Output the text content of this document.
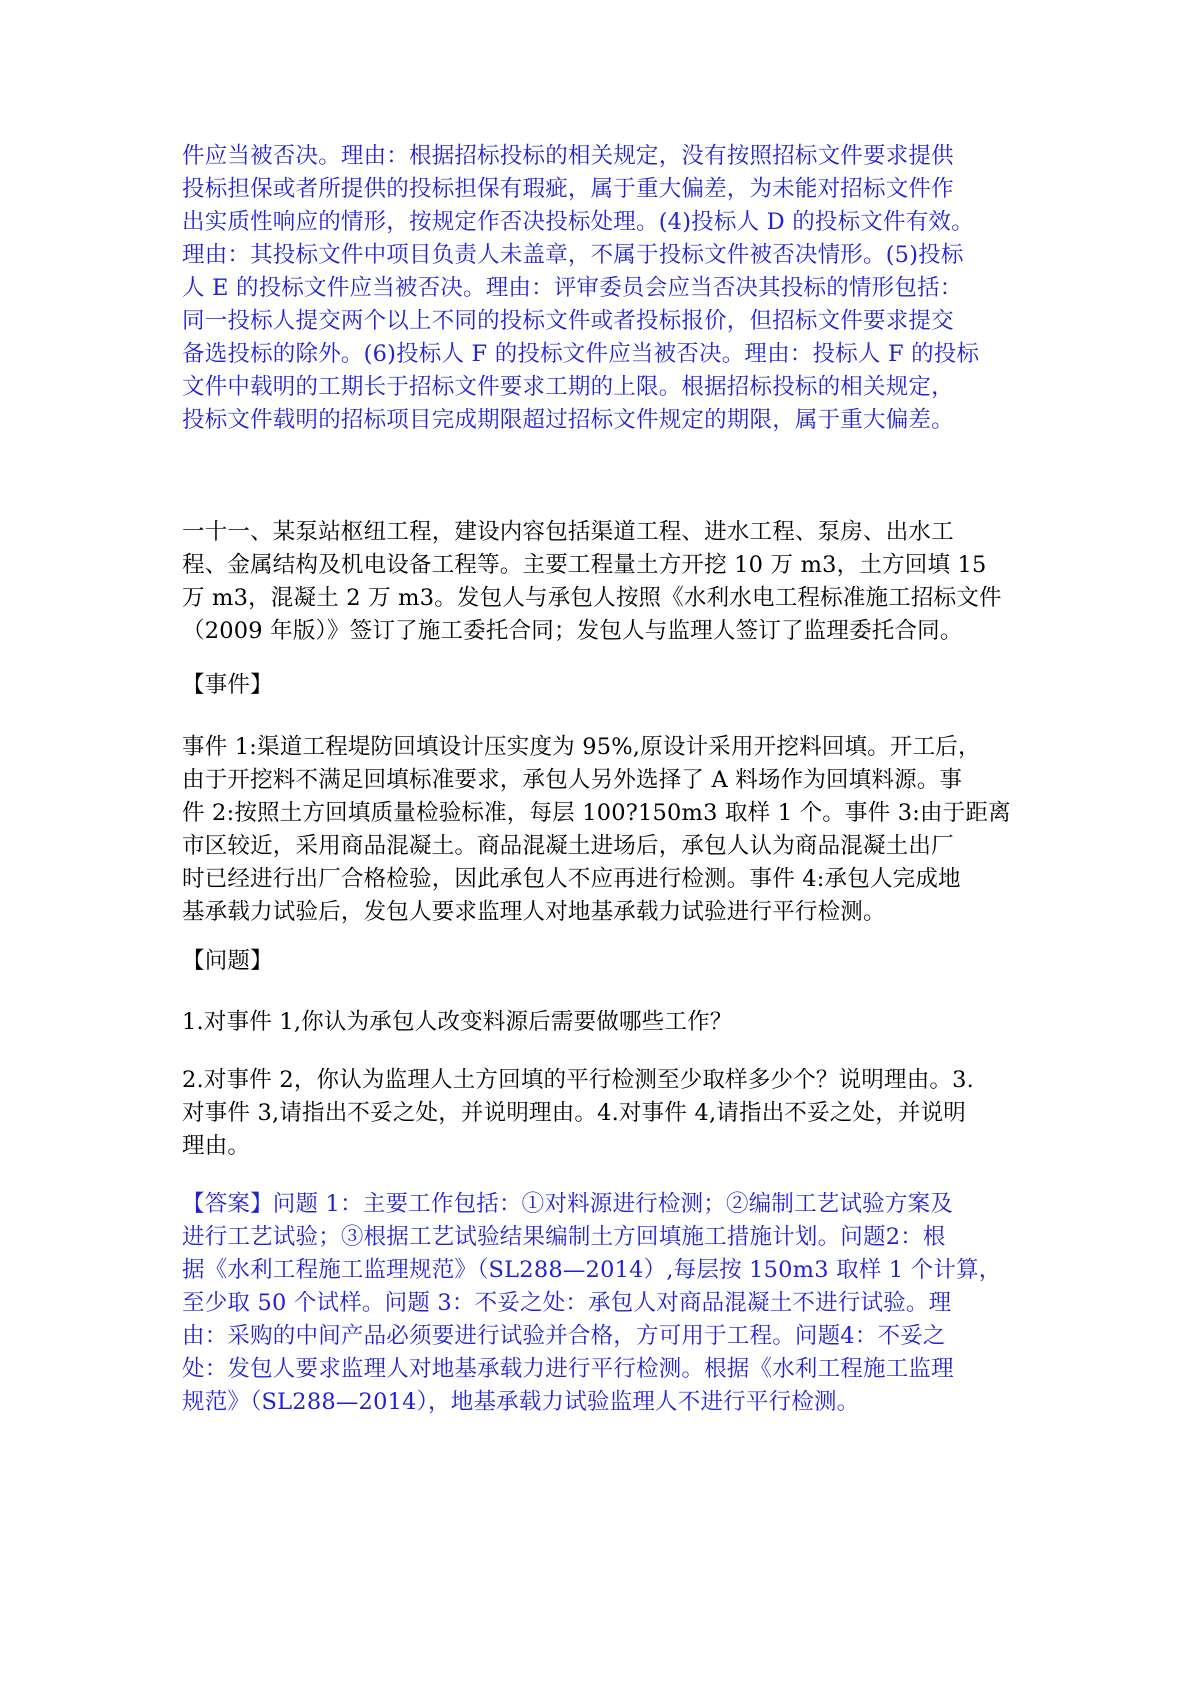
件应当被否决。理由：根据招标投标的相关规定，没有按照招标文件要求提供
投标担保或者所提供的投标担保有瑕疵，属于重大偏差，为未能对招标文件作
出实质性响应的情形，按规定作否决投标处理。(4)投标人 D 的投标文件有效。
理由：其投标文件中项目负责人未盖章，不属于投标文件被否决情形。(5)投标
人 E 的投标文件应当被否决。理由：评审委员会应当否决其投标的情形包括：
同一投标人提交两个以上不同的投标文件或者投标报价，但招标文件要求提交
备选投标的除外。(6)投标人 F 的投标文件应当被否决。理由：投标人 F 的投标
文件中载明的工期长于招标文件要求工期的上限。根据招标投标的相关规定，
投标文件载明的招标项目完成期限超过招标文件规定的期限，属于重大偏差。
一十一、某泵站枢纽工程，建设内容包括渠道工程、进水工程、泵房、出水工
程、金属结构及机电设备工程等。主要工程量土方开挖 10 万 m3，土方回填 15
万 m3，混凝土 2 万 m3。发包人与承包人按照《水利水电工程标准施工招标文件
（2009 年版）》签订了施工委托合同；发包人与监理人签订了监理委托合同。
【事件】
事件 1:渠道工程堤防回填设计压实度为 95%,原设计采用开挖料回填。开工后，
由于开挖料不满足回填标准要求，承包人另外选择了 A 料场作为回填料源。事
件 2:按照土方回填质量检验标准，每层 100?150m3 取样 1 个。事件 3:由于距离
市区较近，采用商品混凝土。商品混凝土进场后，承包人认为商品混凝土出厂
时已经进行出厂合格检验，因此承包人不应再进行检测。事件 4:承包人完成地
基承载力试验后，发包人要求监理人对地基承载力试验进行平行检测。
【问题】
1.对事件 1,你认为承包人改变料源后需要做哪些工作？
2.对事件 2，你认为监理人土方回填的平行检测至少取样多少个？说明理由。3.
对事件 3,请指出不妥之处，并说明理由。4.对事件 4,请指出不妥之处，并说明
理由。
【答案】问题 1：主要工作包括：①对料源进行检测；②编制工艺试验方案及
进行工艺试验；③根据工艺试验结果编制土方回填施工措施计划。问题2：根
据《水利工程施工监理规范》（SL288—2014）,每层按 150m3 取样 1 个计算，
至少取 50 个试样。问题 3：不妥之处：承包人对商品混凝土不进行试验。理
由：采购的中间产品必须要进行试验并合格，方可用于工程。问题4：不妥之
处：发包人要求监理人对地基承载力进行平行检测。根据《水利工程施工监理
规范》（SL288—2014），地基承载力试验监理人不进行平行检测。
